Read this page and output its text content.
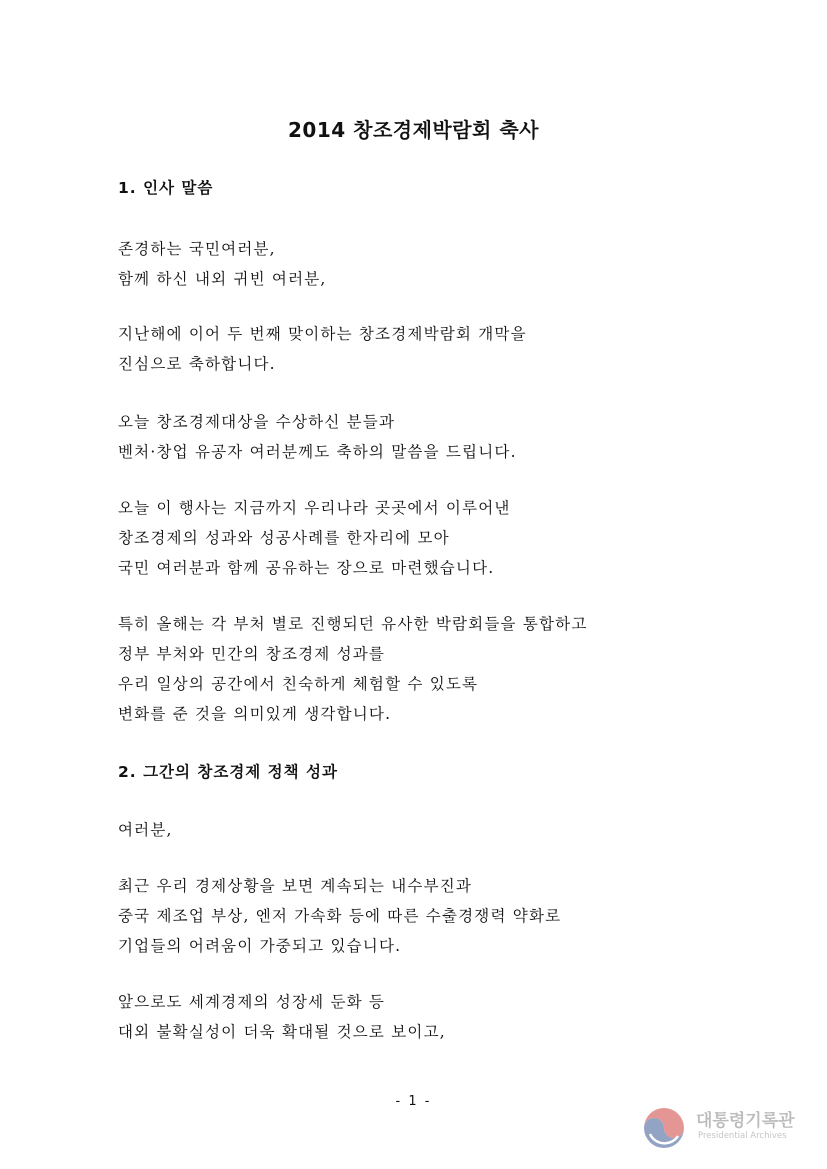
2014 창조경제박람회 축사
1. 인사 말씀
존경하는 국민여러분,
함께 하신 내외 귀빈 여러분,
지난해에 이어 두 번째 맞이하는 창조경제박람회 개막을
진심으로 축하합니다.
오늘 창조경제대상을 수상하신 분들과
벤처·창업 유공자 여러분께도 축하의 말씀을 드립니다.
오늘 이 행사는 지금까지 우리나라 곳곳에서 이루어낸
창조경제의 성과와 성공사례를 한자리에 모아
국민 여러분과 함께 공유하는 장으로 마련했습니다.
특히 올해는 각 부처 별로 진행되던 유사한 박람회들을 통합하고
정부 부처와 민간의 창조경제 성과를
우리 일상의 공간에서 친숙하게 체험할 수 있도록
변화를 준 것을 의미있게 생각합니다.
2. 그간의 창조경제 정책 성과
여러분,
최근 우리 경제상황을 보면 계속되는 내수부진과
중국 제조업 부상, 엔저 가속화 등에 따른 수출경쟁력 약화로
기업들의 어려움이 가중되고 있습니다.
앞으로도 세계경제의 성장세 둔화 등
대외 불확실성이 더욱 확대될 것으로 보이고,
- 1 -
대통령기록관
Presidential Archives
